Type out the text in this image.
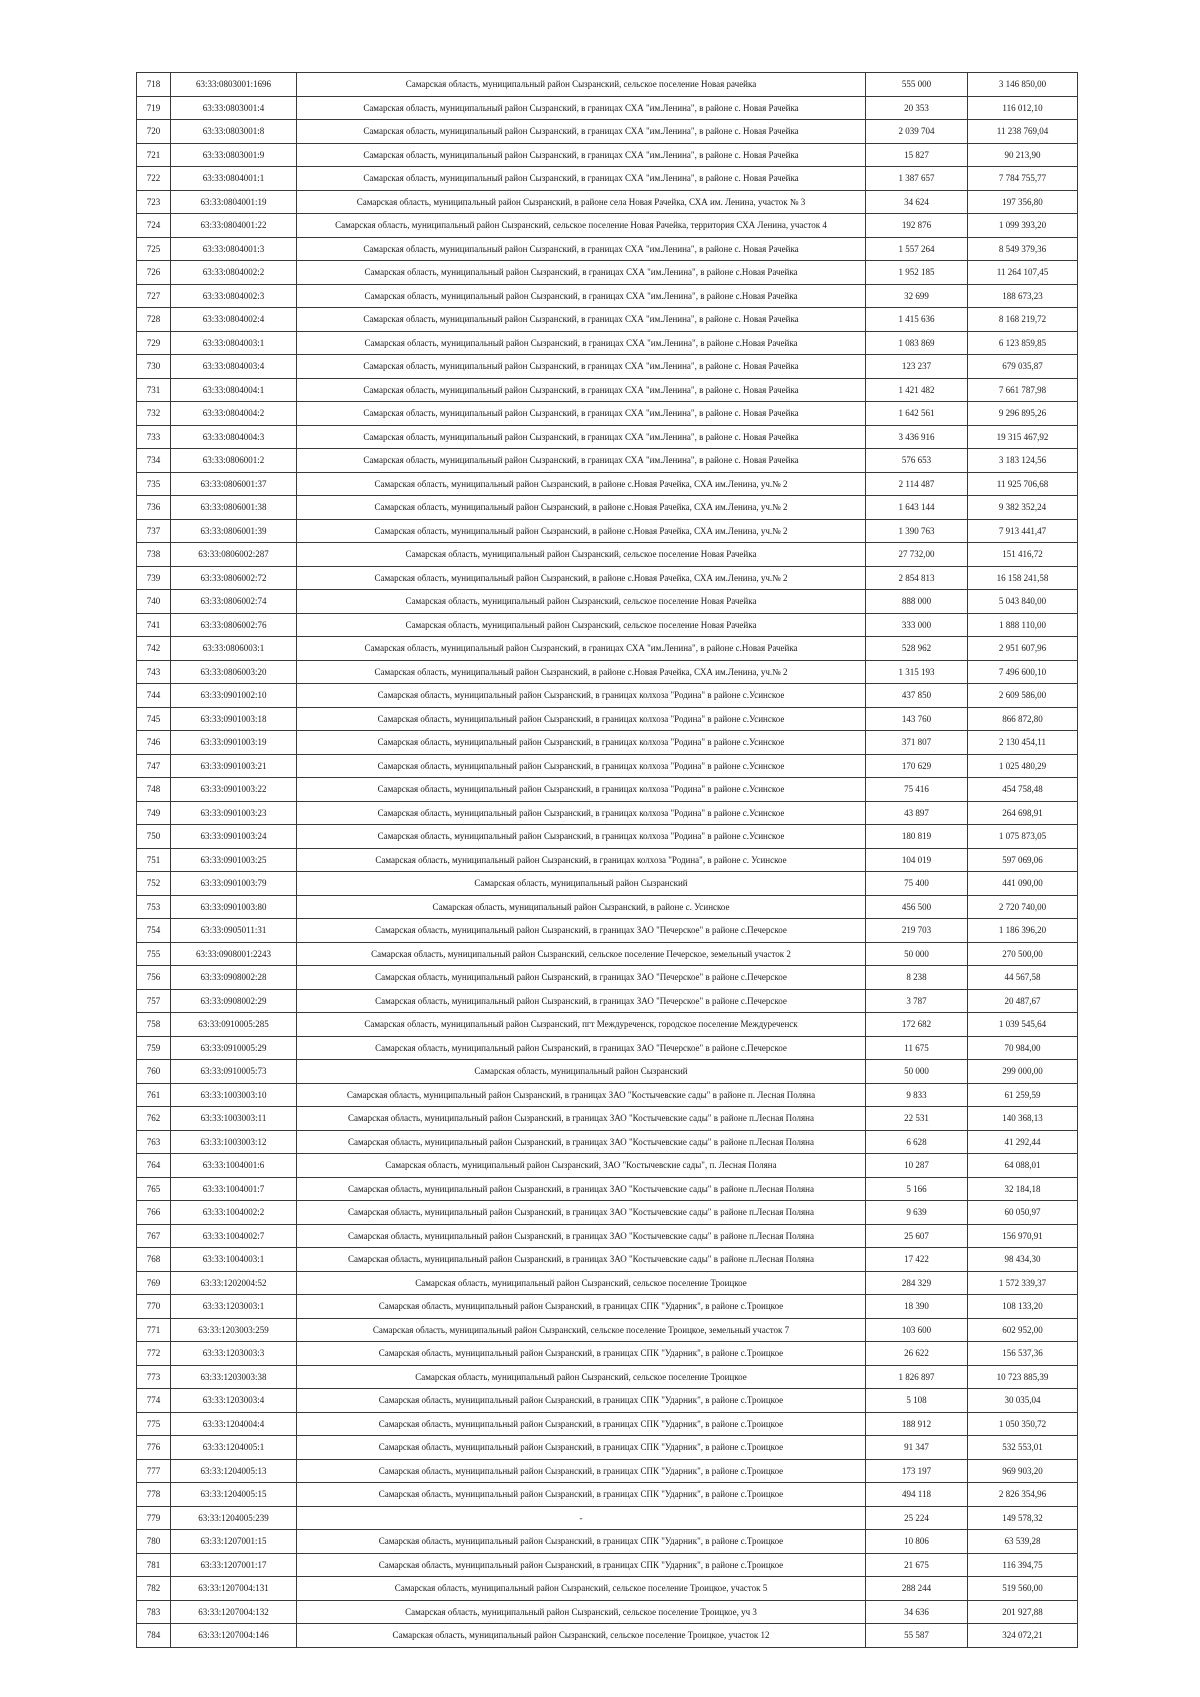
718	63:33:0803001:1696	Самарская область, муниципальный район Сызранский, сельское поселение Новая рачейка	555 000	3 146 850,00
719	63:33:0803001:4	Самарская область, муниципальный район Сызранский, в границах СХА "им.Ленина", в районе с. Новая Рачейка	20 353	116 012,10
720	63:33:0803001:8	Самарская область, муниципальный район Сызранский, в границах СХА "им.Ленина", в районе с. Новая Рачейка	2 039 704	11 238 769,04
721	63:33:0803001:9	Самарская область, муниципальный район Сызранский, в границах СХА "им.Ленина", в районе с. Новая Рачейка	15 827	90 213,90
722	63:33:0804001:1	Самарская область, муниципальный район Сызранский, в границах СХА "им.Ленина", в районе с. Новая Рачейка	1 387 657	7 784 755,77
723	63:33:0804001:19	Самарская область, муниципальный район Сызранский, в районе села Новая Рачейка, СХА им. Ленина, участок № 3	34 624	197 356,80
724	63:33:0804001:22	Самарская область, муниципальный район Сызранский, сельское поселение Новая Рачейка, территория СХА Ленина, участок 4	192 876	1 099 393,20
725	63:33:0804001:3	Самарская область, муниципальный район Сызранский, в границах СХА "им.Ленина", в районе с. Новая Рачейка	1 557 264	8 549 379,36
726	63:33:0804002:2	Самарская область, муниципальный район Сызранский, в границах СХА "им.Ленина", в районе с.Новая Рачейка	1 952 185	11 264 107,45
727	63:33:0804002:3	Самарская область, муниципальный район Сызранский, в границах СХА "им.Ленина", в районе с.Новая Рачейка	32 699	188 673,23
728	63:33:0804002:4	Самарская область, муниципальный район Сызранский, в границах СХА "им.Ленина", в районе с. Новая Рачейка	1 415 636	8 168 219,72
729	63:33:0804003:1	Самарская область, муниципальный район Сызранский, в границах СХА "им.Ленина", в районе с.Новая Рачейка	1 083 869	6 123 859,85
730	63:33:0804003:4	Самарская область, муниципальный район Сызранский, в границах СХА "им.Ленина", в районе с. Новая Рачейка	123 237	679 035,87
731	63:33:0804004:1	Самарская область, муниципальный район Сызранский, в границах СХА "им.Ленина", в районе с. Новая Рачейка	1 421 482	7 661 787,98
732	63:33:0804004:2	Самарская область, муниципальный район Сызранский, в границах СХА "им.Ленина", в районе с. Новая Рачейка	1 642 561	9 296 895,26
733	63:33:0804004:3	Самарская область, муниципальный район Сызранский, в границах СХА "им.Ленина", в районе с. Новая Рачейка	3 436 916	19 315 467,92
734	63:33:0806001:2	Самарская область, муниципальный район Сызранский, в границах СХА "им.Ленина", в районе с. Новая Рачейка	576 653	3 183 124,56
735	63:33:0806001:37	Самарская область, муниципальный район Сызранский, в районе с.Новая Рачейка, СХА им.Ленина, уч.№ 2	2 114 487	11 925 706,68
736	63:33:0806001:38	Самарская область, муниципальный район Сызранский, в районе с.Новая Рачейка, СХА им.Ленина, уч.№ 2	1 643 144	9 382 352,24
737	63:33:0806001:39	Самарская область, муниципальный район Сызранский, в районе с.Новая Рачейка, СХА им.Ленина, уч.№ 2	1 390 763	7 913 441,47
738	63:33:0806002:287	Самарская область, муниципальный район Сызранский, сельское поселение Новая Рачейка	27 732,00	151 416,72
739	63:33:0806002:72	Самарская область, муниципальный район Сызранский, в районе с.Новая Рачейка, СХА им.Ленина, уч.№ 2	2 854 813	16 158 241,58
740	63:33:0806002:74	Самарская область, муниципальный район Сызранский, сельское поселение Новая Рачейка	888 000	5 043 840,00
741	63:33:0806002:76	Самарская область, муниципальный район Сызранский, сельское поселение Новая Рачейка	333 000	1 888 110,00
742	63:33:0806003:1	Самарская область, муниципальный район Сызранский, в границах СХА "им.Ленина", в районе с.Новая Рачейка	528 962	2 951 607,96
743	63:33:0806003:20	Самарская область, муниципальный район Сызранский, в районе с.Новая Рачейка, СХА им.Ленина, уч.№ 2	1 315 193	7 496 600,10
744	63:33:0901002:10	Самарская область, муниципальный район Сызранский, в границах колхоза "Родина" в районе с.Усинское	437 850	2 609 586,00
745	63:33:0901003:18	Самарская область, муниципальный район Сызранский, в границах колхоза "Родина" в районе с.Усинское	143 760	866 872,80
746	63:33:0901003:19	Самарская область, муниципальный район Сызранский, в границах колхоза "Родина" в районе с.Усинское	371 807	2 130 454,11
747	63:33:0901003:21	Самарская область, муниципальный район Сызранский, в границах колхоза "Родина" в районе с.Усинское	170 629	1 025 480,29
748	63:33:0901003:22	Самарская область, муниципальный район Сызранский, в границах колхоза "Родина" в районе с.Усинское	75 416	454 758,48
749	63:33:0901003:23	Самарская область, муниципальный район Сызранский, в границах колхоза "Родина" в районе с.Усинское	43 897	264 698,91
750	63:33:0901003:24	Самарская область, муниципальный район Сызранский, в границах колхоза "Родина" в районе с.Усинское	180 819	1 075 873,05
751	63:33:0901003:25	Самарская область, муниципальный район Сызранский, в границах колхоза "Родина", в районе с. Усинское	104 019	597 069,06
752	63:33:0901003:79	Самарская область, муниципальный район Сызранский	75 400	441 090,00
753	63:33:0901003:80	Самарская область, муниципальный район Сызранский, в районе с. Усинское	456 500	2 720 740,00
754	63:33:0905011:31	Самарская область, муниципальный район Сызранский, в границах ЗАО "Печерское" в районе с.Печерское	219 703	1 186 396,20
755	63:33:0908001:2243	Самарская область, муниципальный район Сызранский, сельское поселение Печерское, земельный участок 2	50 000	270 500,00
756	63:33:0908002:28	Самарская область, муниципальный район Сызранский, в границах ЗАО "Печерское" в районе с.Печерское	8 238	44 567,58
757	63:33:0908002:29	Самарская область, муниципальный район Сызранский, в границах ЗАО "Печерское" в районе с.Печерское	3 787	20 487,67
758	63:33:0910005:285	Самарская область, муниципальный район Сызранский, пгт Междуреченск, городское поселение Междуреченск	172 682	1 039 545,64
759	63:33:0910005:29	Самарская область, муниципальный район Сызранский, в границах ЗАО "Печерское" в районе с.Печерское	11 675	70 984,00
760	63:33:0910005:73	Самарская область, муниципальный район Сызранский	50 000	299 000,00
761	63:33:1003003:10	Самарская область, муниципальный район Сызранский, в границах ЗАО "Костычевские сады" в районе п. Лесная Поляна	9 833	61 259,59
762	63:33:1003003:11	Самарская область, муниципальный район Сызранский, в границах ЗАО "Костычевские сады" в районе п.Лесная Поляна	22 531	140 368,13
763	63:33:1003003:12	Самарская область, муниципальный район Сызранский, в границах ЗАО "Костычевские сады" в районе п.Лесная Поляна	6 628	41 292,44
764	63:33:1004001:6	Самарская область, муниципальный район Сызранский, ЗАО "Костычевские сады", п. Лесная Поляна	10 287	64 088,01
765	63:33:1004001:7	Самарская область, муниципальный район Сызранский, в границах ЗАО "Костычевские сады" в районе п.Лесная Поляна	5 166	32 184,18
766	63:33:1004002:2	Самарская область, муниципальный район Сызранский, в границах ЗАО "Костычевские сады" в районе п.Лесная Поляна	9 639	60 050,97
767	63:33:1004002:7	Самарская область, муниципальный район Сызранский, в границах ЗАО "Костычевские сады" в районе п.Лесная Поляна	25 607	156 970,91
768	63:33:1004003:1	Самарская область, муниципальный район Сызранский, в границах ЗАО "Костычевские сады" в районе п.Лесная Поляна	17 422	98 434,30
769	63:33:1202004:52	Самарская область, муниципальный район Сызранский, сельское поселение Троицкое	284 329	1 572 339,37
770	63:33:1203003:1	Самарская область, муниципальный район Сызранский, в границах СПК "Ударник", в районе с.Троицкое	18 390	108 133,20
771	63:33:1203003:259	Самарская область, муниципальный район Сызранский, сельское поселение Троицкое, земельный участок 7	103 600	602 952,00
772	63:33:1203003:3	Самарская область, муниципальный район Сызранский, в границах СПК "Ударник", в районе с.Троицкое	26 622	156 537,36
773	63:33:1203003:38	Самарская область, муниципальный район Сызранский, сельское поселение Троицкое	1 826 897	10 723 885,39
774	63:33:1203003:4	Самарская область, муниципальный район Сызранский, в границах СПК "Ударник", в районе с.Троицкое	5 108	30 035,04
775	63:33:1204004:4	Самарская область, муниципальный район Сызранский, в границах СПК "Ударник", в районе с.Троицкое	188 912	1 050 350,72
776	63:33:1204005:1	Самарская область, муниципальный район Сызранский, в границах СПК "Ударник", в районе с.Троицкое	91 347	532 553,01
777	63:33:1204005:13	Самарская область, муниципальный район Сызранский, в границах СПК "Ударник", в районе с.Троицкое	173 197	969 903,20
778	63:33:1204005:15	Самарская область, муниципальный район Сызранский, в границах СПК "Ударник", в районе с.Троицкое	494 118	2 826 354,96
779	63:33:1204005:239	-	25 224	149 578,32
780	63:33:1207001:15	Самарская область, муниципальный район Сызранский, в границах СПК "Ударник", в районе с.Троицкое	10 806	63 539,28
781	63:33:1207001:17	Самарская область, муниципальный район Сызранский, в границах СПК "Ударник", в районе с.Троицкое	21 675	116 394,75
782	63:33:1207004:131	Самарская область, муниципальный район Сызранский, сельское поселение Троицкое, участок 5	288 244	519 560,00
783	63:33:1207004:132	Самарская область, муниципальный район Сызранский, сельское поселение Троицкое, уч 3	34 636	201 927,88
784	63:33:1207004:146	Самарская область, муниципальный район Сызранский, сельское поселение Троицкое, участок 12	55 587	324 072,21
